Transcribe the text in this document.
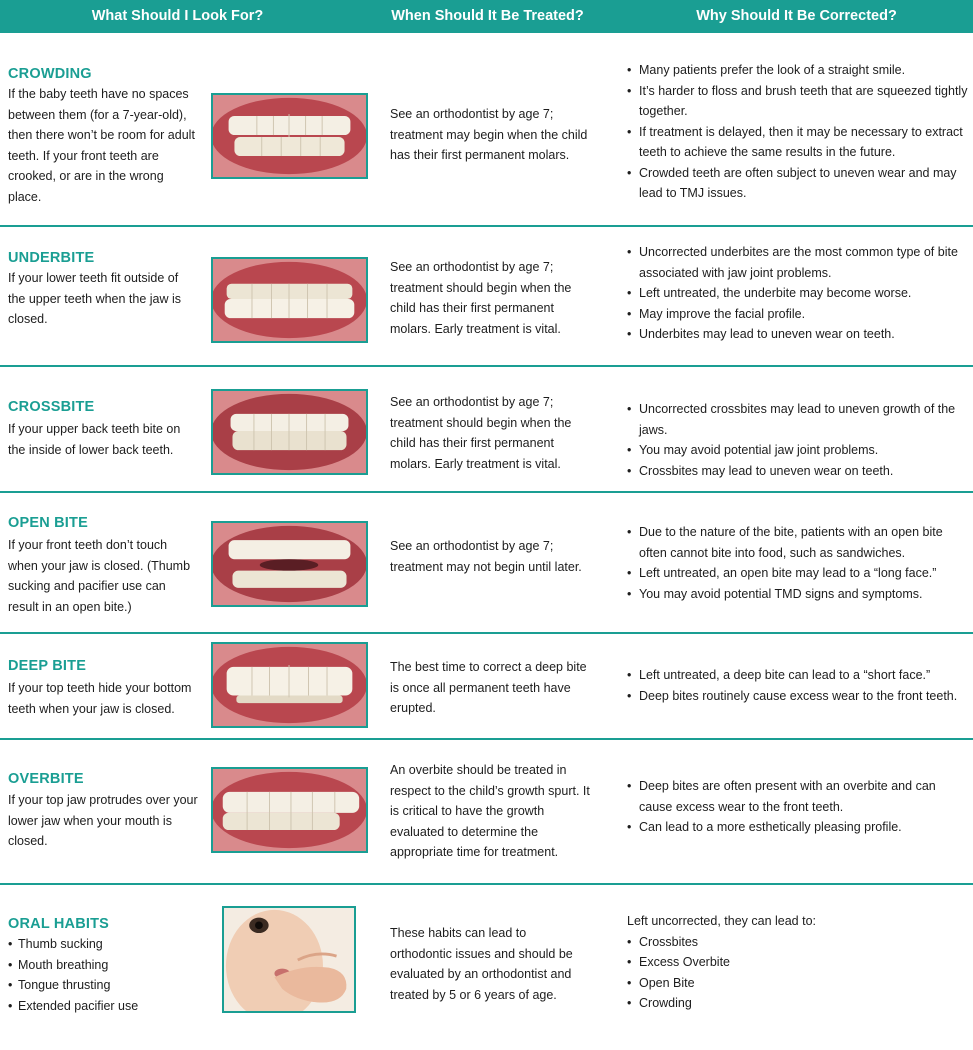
What Should I Look For?	When Should It Be Treated?	Why Should It Be Corrected?
CROWDING
If the baby teeth have no spaces between them (for a 7-year-old), then there won’t be room for adult teeth. If your front teeth are crooked, or are in the wrong place.
See an orthodontist by age 7; treatment may begin when the child has their first permanent molars.
• Many patients prefer the look of a straight smile.
• It’s harder to floss and brush teeth that are squeezed tightly together.
• If treatment is delayed, then it may be necessary to extract teeth to achieve the same results in the future.
• Crowded teeth are often subject to uneven wear and may lead to TMJ issues.
UNDERBITE
If your lower teeth fit outside of the upper teeth when the jaw is closed.
See an orthodontist by age 7; treatment should begin when the child has their first permanent molars. Early treatment is vital.
• Uncorrected underbites are the most common type of bite associated with jaw joint problems.
• Left untreated, the underbite may become worse.
• May improve the facial profile.
• Underbites may lead to uneven wear on teeth.
CROSSBITE
If your upper back teeth bite on the inside of lower back teeth.
See an orthodontist by age 7; treatment should begin when the child has their first permanent molars. Early treatment is vital.
• Uncorrected crossbites may lead to uneven growth of the jaws.
• You may avoid potential jaw joint problems.
• Crossbites may lead to uneven wear on teeth.
OPEN BITE
If your front teeth don’t touch when your jaw is closed. (Thumb sucking and pacifier use can result in an open bite.)
See an orthodontist by age 7; treatment may not begin until later.
• Due to the nature of the bite, patients with an open bite often cannot bite into food, such as sandwiches.
• Left untreated, an open bite may lead to a “long face.”
• You may avoid potential TMD signs and symptoms.
DEEP BITE
If your top teeth hide your bottom teeth when your jaw is closed.
The best time to correct a deep bite is once all permanent teeth have erupted.
• Left untreated, a deep bite can lead to a “short face.”
• Deep bites routinely cause excess wear to the front teeth.
OVERBITE
If your top jaw protrudes over your lower jaw when your mouth is closed.
An overbite should be treated in respect to the child’s growth spurt. It is critical to have the growth evaluated to determine the appropriate time for treatment.
• Deep bites are often present with an overbite and can cause excess wear to the front teeth.
• Can lead to a more esthetically pleasing profile.
ORAL HABITS
• Thumb sucking
• Mouth breathing
• Tongue thrusting
• Extended pacifier use
These habits can lead to orthodontic issues and should be evaluated by an orthodontist and treated by 5 or 6 years of age.
Left uncorrected, they can lead to:
• Crossbites
• Excess Overbite
• Open Bite
• Crowding
